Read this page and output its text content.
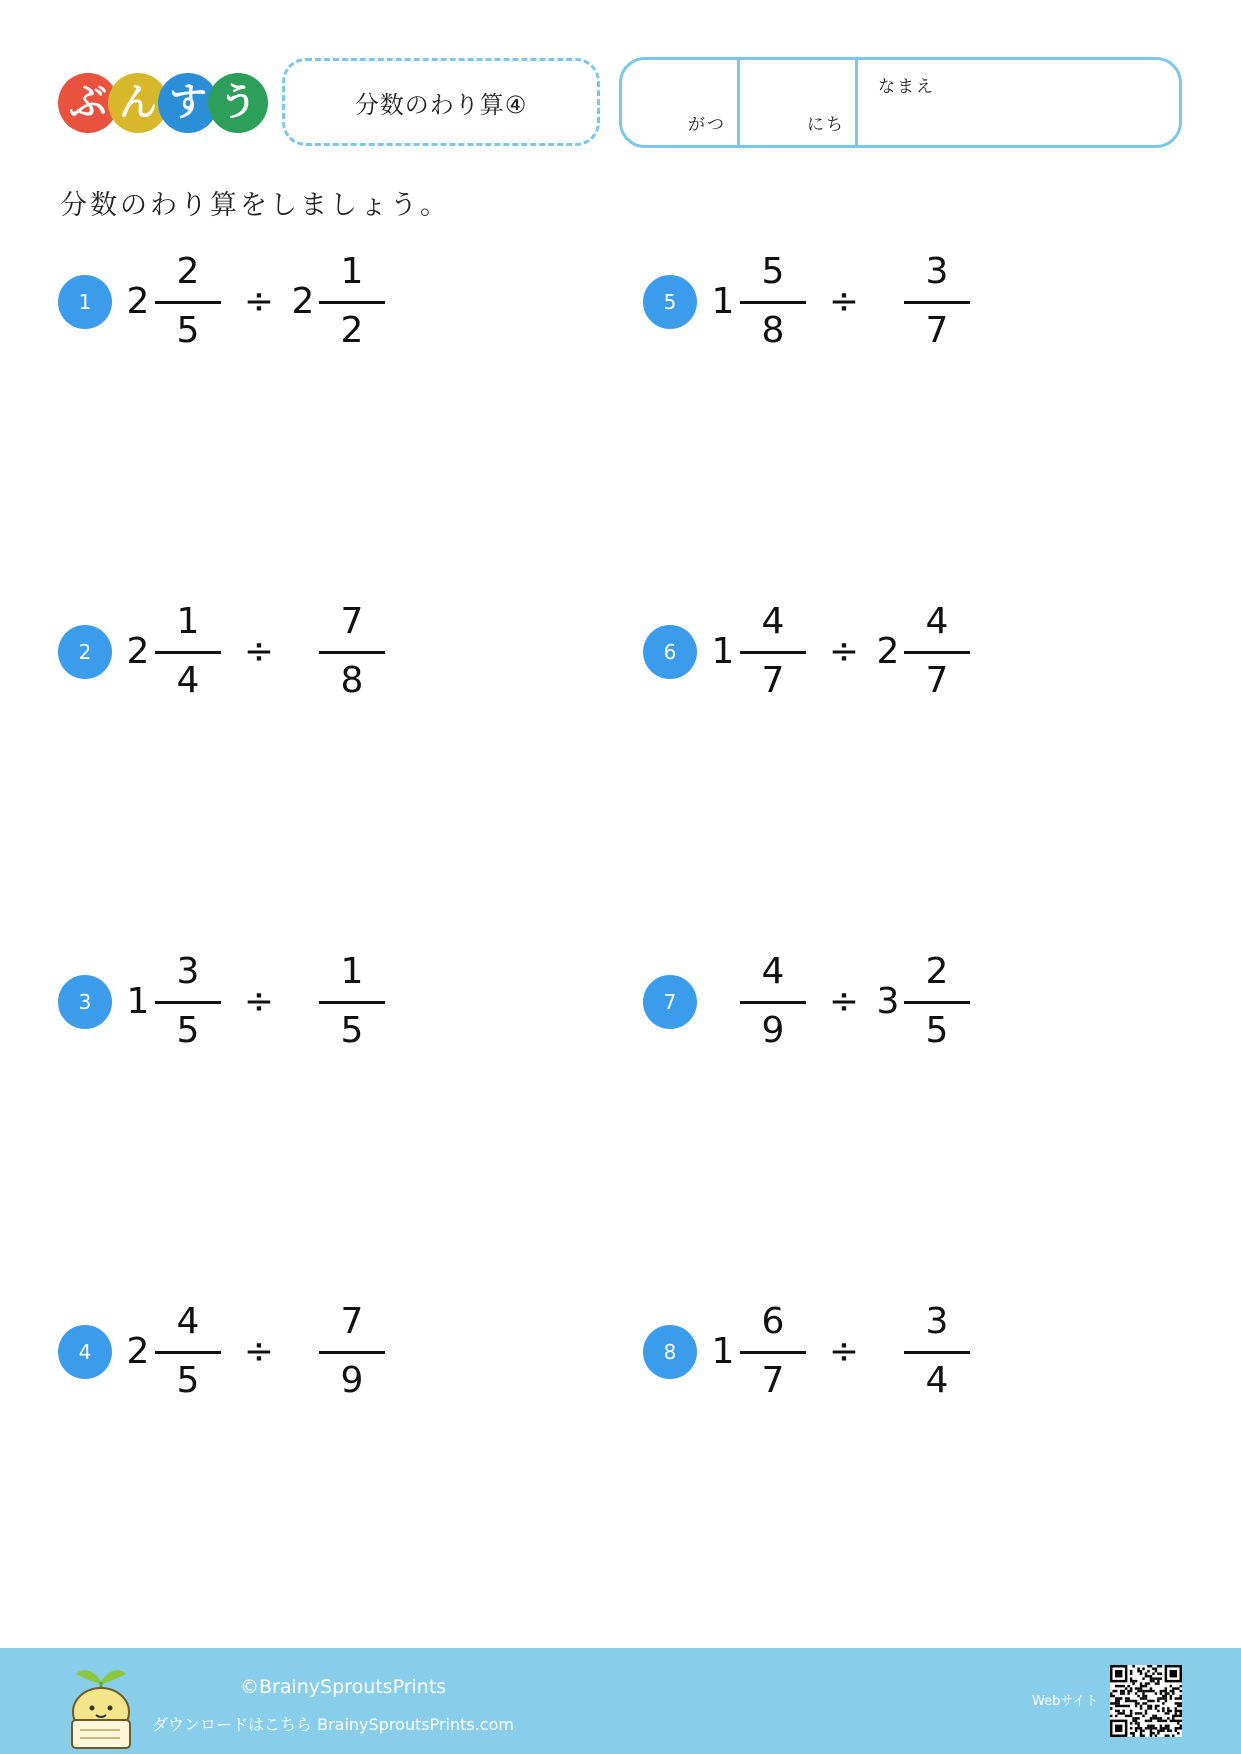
ぶ ん す う	分数のわり算④
がつ	にち
なまえ
分数のわり算をしましょう。
1 2
2
5
÷ 2
1
2
2 2
1
4
÷
7
8
3 1
3
5
÷
1
5
4 2
4
5
÷
7
9
5 1
5
8
÷
3
7
6 1
4
7
÷ 2
4
7
7
4
9
÷ 3
2
5
8 1
6
7
÷
3
4
©BrainySproutsPrints
ダウンロードはこちら BrainySproutsPrints.com
Webサイト
